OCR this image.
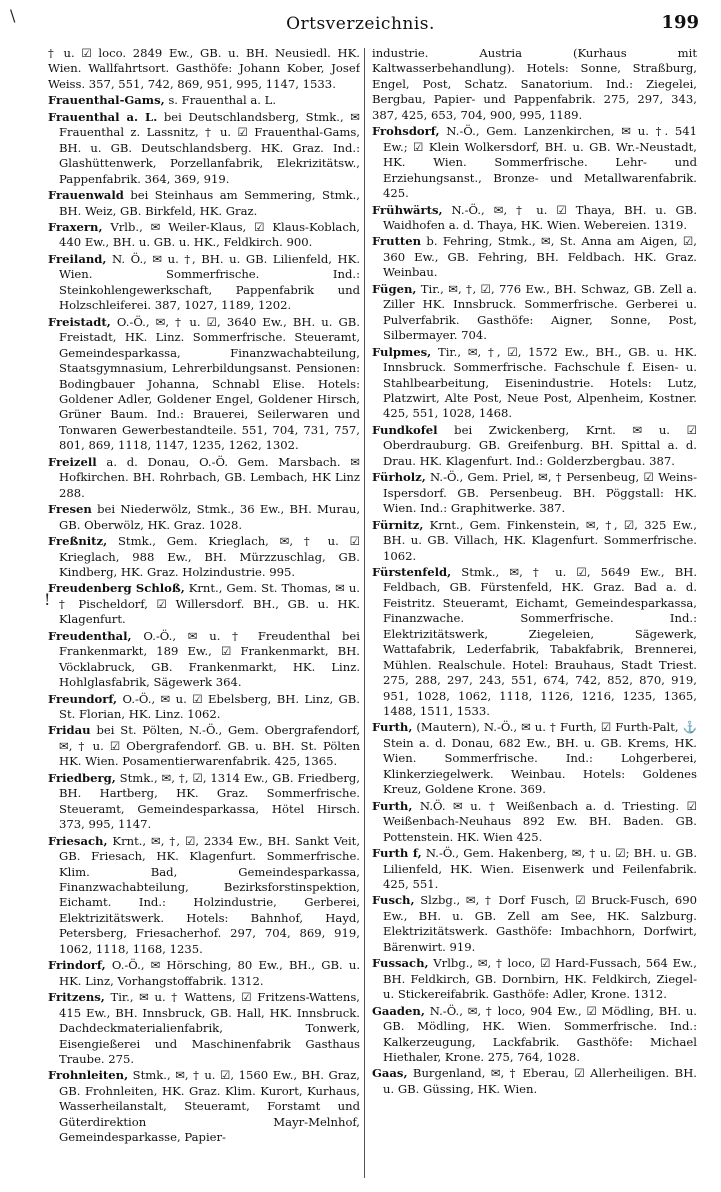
Ortsverzeichnis.	199
\
!

† u. ☑ loco. 2849 Ew., GB. u. BH. Neusiedl. HK. Wien. Wallfahrtsort. Gasthöfe: Johann Kober, Josef Weiss. 357, 551, 742, 869, 951, 995, 1147, 1533.

Frauenthal-Gams, s. Frauenthal a. L.

Frauenthal a. L. bei Deutschlandsberg, Stmk., ✉ Frauenthal z. Lassnitz, † u. ☑ Frauenthal-Gams, BH. u. GB. Deutschlandsberg. HK. Graz. Ind.: Glashüttenwerk, Porzellanfabrik, Elekrizitätsw., Pappenfabrik. 364, 369, 919.

Frauenwald bei Steinhaus am Semmering, Stmk., BH. Weiz, GB. Birkfeld, HK. Graz.

Fraxern, Vrlb., ✉ Weiler-Klaus, ☑ Klaus-Koblach, 440 Ew., BH. u. GB. u. HK., Feldkirch. 900.

Freiland, N. Ö., ✉ u. †, BH. u. GB. Lilienfeld, HK. Wien. Sommerfrische. Ind.: Steinkohlengewerkschaft, Pappenfabrik und Holzschleiferei. 387, 1027, 1189, 1202.

Freistadt, O.-Ö., ✉, † u. ☑, 3640 Ew., BH. u. GB. Freistadt, HK. Linz. Sommerfrische. Steueramt, Gemeindesparkassa, Finanzwachabteilung, Staatsgymnasium, Lehrerbildungsanst. Pensionen: Bodingbauer Johanna, Schnabl Elise. Hotels: Goldener Adler, Goldener Engel, Goldener Hirsch, Grüner Baum. Ind.: Brauerei, Seilerwaren und Tonwaren Gewerbestandteile. 551, 704, 731, 757, 801, 869, 1118, 1147, 1235, 1262, 1302.

Freizell a. d. Donau, O.-Ö. Gem. Marsbach. ✉ Hofkirchen. BH. Rohrbach, GB. Lembach, HK Linz 288.

Fresen bei Niederwölz, Stmk., 36 Ew., BH. Murau, GB. Oberwölz, HK. Graz. 1028.

Freßnitz, Stmk., Gem. Krieglach, ✉, † u. ☑ Krieglach, 988 Ew., BH. Mürzzuschlag, GB. Kindberg, HK. Graz. Holzindustrie. 995.

Freudenberg Schloß, Krnt., Gem. St. Thomas, ✉ u. † Pischeldorf, ☑ Willersdorf. BH., GB. u. HK. Klagenfurt.

Freudenthal, O.-Ö., ✉ u. † Freudenthal bei Frankenmarkt, 189 Ew., ☑ Frankenmarkt, BH. Vöcklabruck, GB. Frankenmarkt, HK. Linz. Hohlglasfabrik, Sägewerk 364.

Freundorf, O.-Ö., ✉ u. ☑ Ebelsberg, BH. Linz, GB. St. Florian, HK. Linz. 1062.

Fridau bei St. Pölten, N.-Ö., Gem. Obergrafendorf, ✉, † u. ☑ Obergrafendorf. GB. u. BH. St. Pölten HK. Wien. Posamentierwarenfabrik. 425, 1365.

Friedberg, Stmk., ✉, †, ☑, 1314 Ew., GB. Friedberg, BH. Hartberg, HK. Graz. Sommerfrische. Steueramt, Gemeindesparkassa, Hötel Hirsch. 373, 995, 1147.

Friesach, Krnt., ✉, †, ☑, 2334 Ew., BH. Sankt Veit, GB. Friesach, HK. Klagenfurt. Sommerfrische. Klim. Bad, Gemeindesparkassa, Finanzwachabteilung, Bezirksforstinspektion, Eichamt. Ind.: Holzindustrie, Gerberei, Elektrizitätswerk. Hotels: Bahnhof, Hayd, Petersberg, Friesacherhof. 297, 704, 869, 919, 1062, 1118, 1168, 1235.

Frindorf, O.-Ö., ✉ Hörsching, 80 Ew., BH., GB. u. HK. Linz, Vorhangstoffabrik. 1312.

Fritzens, Tir., ✉ u. † Wattens, ☑ Fritzens-Wattens, 415 Ew., BH. Innsbruck, GB. Hall, HK. Innsbruck. Dachdeckmaterialienfabrik, Tonwerk, Eisengießerei und Maschinenfabrik Gasthaus Traube. 275.

Frohnleiten, Stmk., ✉, † u. ☑, 1560 Ew., BH. Graz, GB. Frohnleiten, HK. Graz. Klim. Kurort, Kurhaus, Wasserheilanstalt, Steueramt, Forstamt und Güterdirektion Mayr-Melnhof, Gemeindesparkasse, Papier-

industrie. Austria (Kurhaus mit Kaltwasserbehandlung). Hotels: Sonne, Straßburg, Engel, Post, Schatz. Sanatorium. Ind.: Ziegelei, Bergbau, Papier- und Pappenfabrik. 275, 297, 343, 387, 425, 653, 704, 900, 995, 1189.

Frohsdorf, N.-Ö., Gem. Lanzenkirchen, ✉ u. †. 541 Ew.; ☑ Klein Wolkersdorf, BH. u. GB. Wr.-Neustadt, HK. Wien. Sommerfrische. Lehr- und Erziehungsanst., Bronze- und Metallwarenfabrik. 425.

Frühwärts, N.-Ö., ✉, † u. ☑ Thaya, BH. u. GB. Waidhofen a. d. Thaya, HK. Wien. Webereien. 1319.

Frutten b. Fehring, Stmk., ✉, St. Anna am Aigen, ☑, 360 Ew., GB. Fehring, BH. Feldbach. HK. Graz. Weinbau.

Fügen, Tir., ✉, †, ☑, 776 Ew., BH. Schwaz, GB. Zell a. Ziller HK. Innsbruck. Sommerfrische. Gerberei u. Pulverfabrik. Gasthöfe: Aigner, Sonne, Post, Silbermayer. 704.

Fulpmes, Tir., ✉, †, ☑, 1572 Ew., BH., GB. u. HK. Innsbruck. Sommerfrische. Fachschule f. Eisen- u. Stahlbearbeitung, Eisenindustrie. Hotels: Lutz, Platzwirt, Alte Post, Neue Post, Alpenheim, Kostner. 425, 551, 1028, 1468.

Fundkofel bei Zwickenberg, Krnt. ✉ u. ☑ Oberdrauburg. GB. Greifenburg. BH. Spittal a. d. Drau. HK. Klagenfurt. Ind.: Golderzbergbau. 387.

Fürholz, N.-Ö., Gem. Priel, ✉, † Persenbeug, ☑ Weins-Ispersdorf. GB. Persenbeug. BH. Pöggstall: HK. Wien. Ind.: Graphitwerke. 387.

Fürnitz, Krnt., Gem. Finkenstein, ✉, †, ☑, 325 Ew., BH. u. GB. Villach, HK. Klagenfurt. Sommerfrische. 1062.

Fürstenfeld, Stmk., ✉, † u. ☑, 5649 Ew., BH. Feldbach, GB. Fürstenfeld, HK. Graz. Bad a. d. Feistritz. Steueramt, Eichamt, Gemeindesparkassa, Finanzwache. Sommerfrische. Ind.: Elektrizitätswerk, Ziegeleien, Sägewerk, Wattafabrik, Lederfabrik, Tabakfabrik, Brennerei, Mühlen. Realschule. Hotel: Brauhaus, Stadt Triest. 275, 288, 297, 243, 551, 674, 742, 852, 870, 919, 951, 1028, 1062, 1118, 1126, 1216, 1235, 1365, 1488, 1511, 1533.

Furth, (Mautern), N.-Ö., ✉ u. † Furth, ☑ Furth-Palt, ⚓ Stein a. d. Donau, 682 Ew., BH. u. GB. Krems, HK. Wien. Sommerfrische. Ind.: Lohgerberei, Klinkerziegelwerk. Weinbau. Hotels: Goldenes Kreuz, Goldene Krone. 369.

Furth, N.Ö. ✉ u. † Weißenbach a. d. Triesting. ☑ Weißenbach-Neuhaus 892 Ew. BH. Baden. GB. Pottenstein. HK. Wien 425.

Furth f, N.-Ö., Gem. Hakenberg, ✉, † u. ☑; BH. u. GB. Lilienfeld, HK. Wien. Eisenwerk und Feilenfabrik. 425, 551.

Fusch, Slzbg., ✉, † Dorf Fusch, ☑ Bruck-Fusch, 690 Ew., BH. u. GB. Zell am See, HK. Salzburg. Elektrizitätswerk. Gasthöfe: Imbachhorn, Dorfwirt, Bärenwirt. 919.

Fussach, Vrlbg., ✉, † loco, ☑ Hard-Fussach, 564 Ew., BH. Feldkirch, GB. Dornbirn, HK. Feldkirch, Ziegel- u. Stickereifabrik. Gasthöfe: Adler, Krone. 1312.

Gaaden, N.-Ö., ✉, † loco, 904 Ew., ☑ Mödling, BH. u. GB. Mödling, HK. Wien. Sommerfrische. Ind.: Kalkerzeugung, Lackfabrik. Gasthöfe: Michael Hiethaler, Krone. 275, 764, 1028.

Gaas, Burgenland, ✉, † Eberau, ☑ Allerheiligen. BH. u. GB. Güssing, HK. Wien.
